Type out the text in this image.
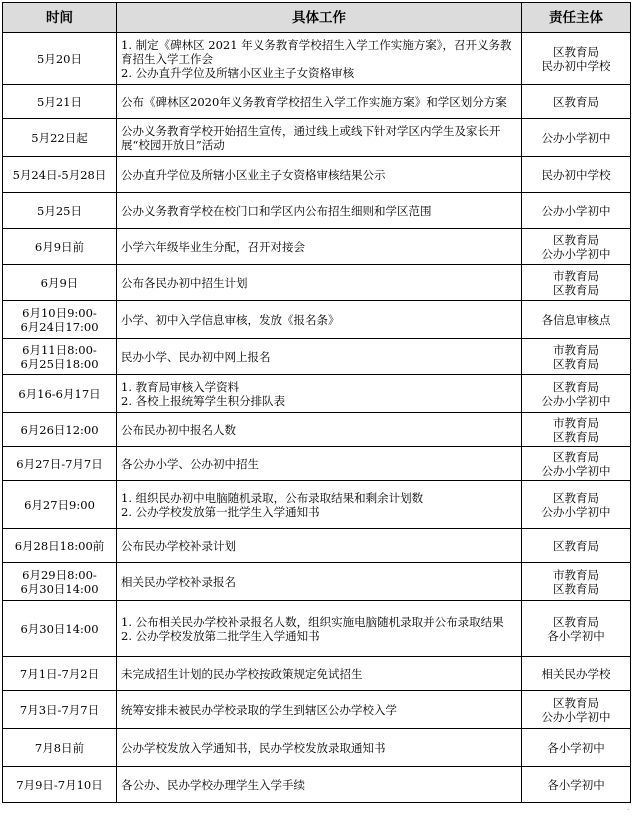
时间	具体工作	责任主体

5月20日	1. 制定《碑林区 2021 年义务教育学校招生入学工作实施方案》，召开义务教育招生入学工作会
2. 公办直升学位及所辖小区业主子女资格审核	区教育局
民办初中学校

5月21日	公布《碑林区2020年义务教育学校招生入学工作实施方案》和学区划分方案	区教育局

5月22日起	公办义务教育学校开始招生宣传，通过线上或线下针对学区内学生及家长开展“校园开放日”活动	公办小学初中

5月24日-5月28日	公办直升学位及所辖小区业主子女资格审核结果公示	民办初中学校

5月25日	公办义务教育学校在校门口和学区内公布招生细则和学区范围	公办小学初中

6月9日前	小学六年级毕业生分配，召开对接会	区教育局
公办小学初中

6月9日	公布各民办初中招生计划	市教育局
区教育局

6月10日9:00-
6月24日17:00	小学、初中入学信息审核，发放《报名条》	各信息审核点

6月11日8:00-
6月25日18:00	民办小学、民办初中网上报名	市教育局
区教育局

6月16-6月17日	1. 教育局审核入学资料
2. 各校上报统筹学生积分排队表	区教育局
公办小学初中

6月26日12:00	公布民办初中报名人数	市教育局
区教育局

6月27日-7月7日	各公办小学、公办初中招生	区教育局
公办小学初中

6月27日9:00	1. 组织民办初中电脑随机录取，公布录取结果和剩余计划数
2. 公办学校发放第一批学生入学通知书	区教育局
公办小学初中

6月28日18:00前	公布民办学校补录计划	区教育局

6月29日8:00-
6月30日14:00	相关民办学校补录报名	市教育局
区教育局

6月30日14:00	1. 公布相关民办学校补录报名人数，组织实施电脑随机录取并公布录取结果
2. 公办学校发放第二批学生入学通知书	区教育局
各小学初中

7月1日-7月2日	未完成招生计划的民办学校按政策规定免试招生	相关民办学校

7月3日-7月7日	统筹安排未被民办学校录取的学生到辖区公办学校入学	区教育局
公办小学初中

7月8日前	公办学校发放入学通知书，民办学校发放录取通知书	各小学初中

7月9日-7月10日	各公办、民办学校办理学生入学手续	各小学初中
·
